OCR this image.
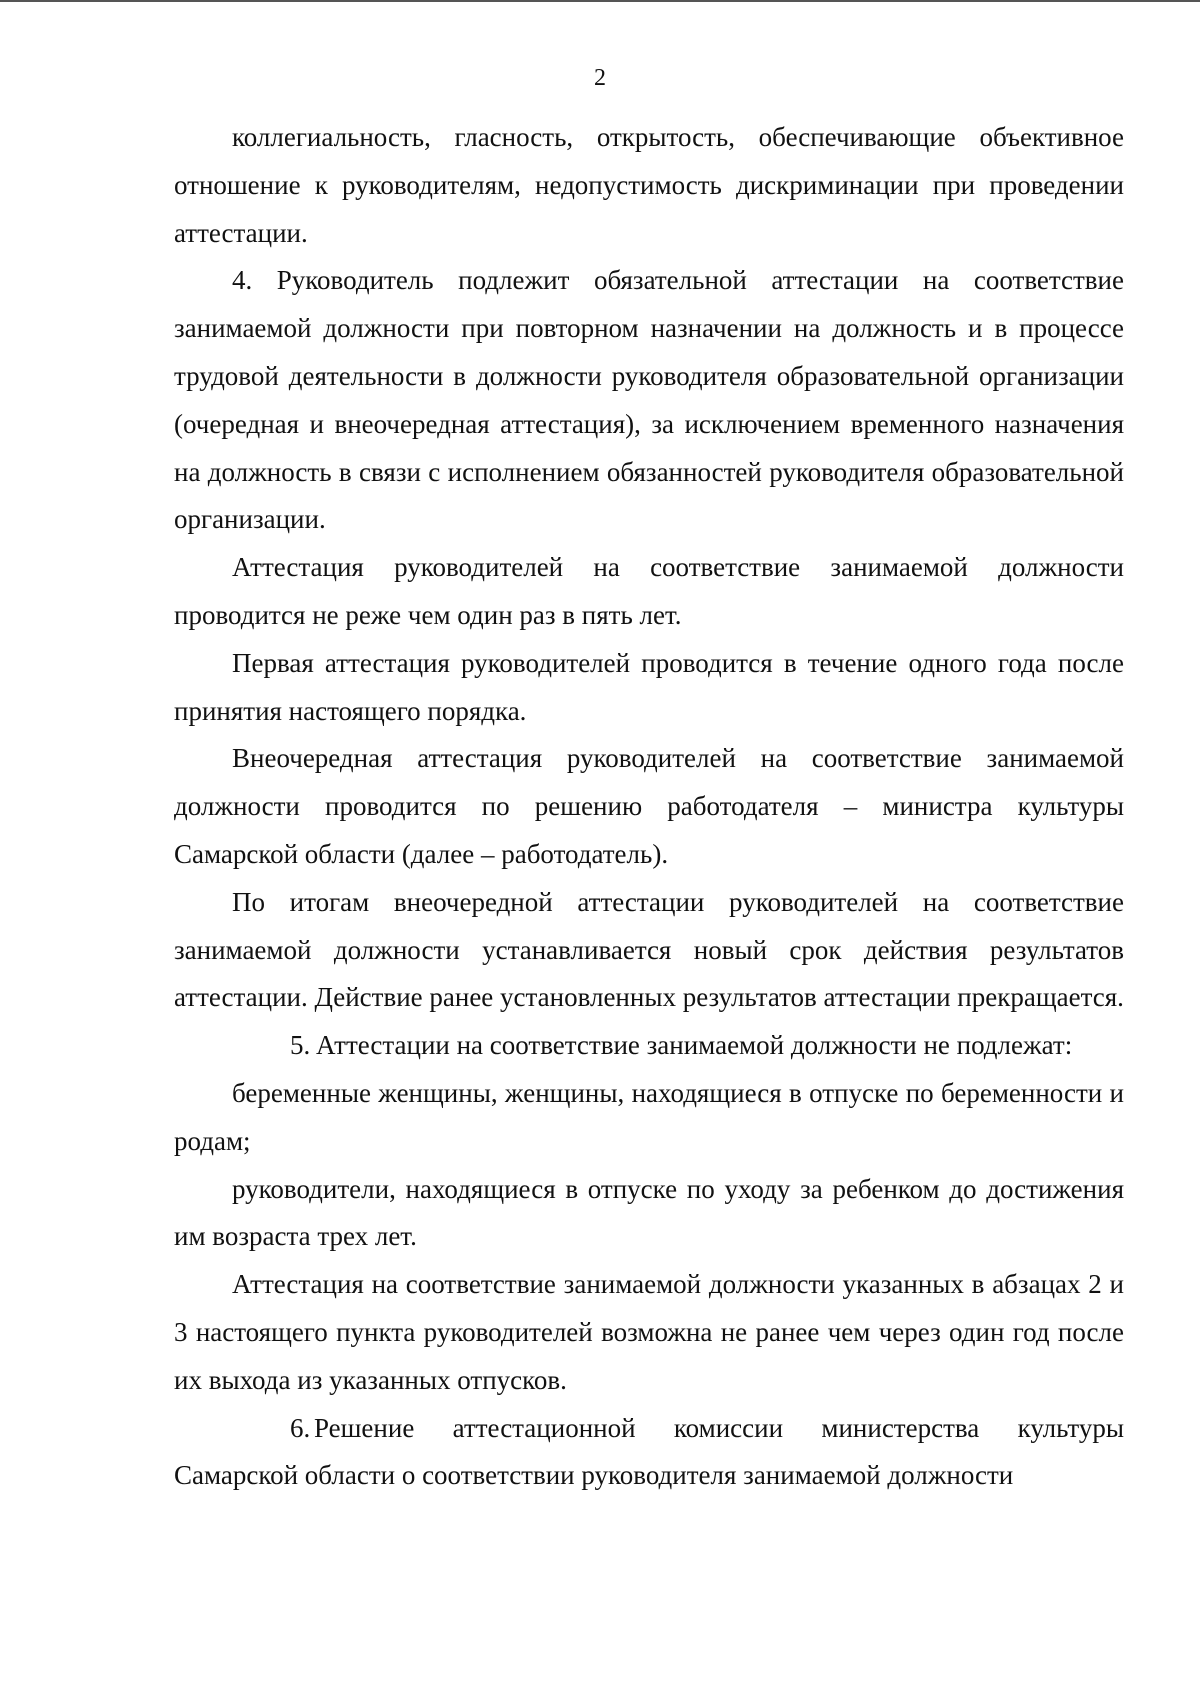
2

коллегиальность, гласность, открытость, обеспечивающие объективное отношение к руководителям, недопустимость дискриминации при проведении аттестации.

4. Руководитель подлежит обязательной аттестации на соответствие занимаемой должности при повторном назначении на должность и в процессе трудовой деятельности в должности руководителя образовательной организации (очередная и внеочередная аттестация), за исключением временного назначения на должность в связи с исполнением обязанностей руководителя образовательной организации.

Аттестация руководителей на соответствие занимаемой должности проводится не реже чем один раз в пять лет.

Первая аттестация руководителей проводится в течение одного года после принятия настоящего порядка.

Внеочередная аттестация руководителей на соответствие занимаемой должности проводится по решению работодателя – министра культуры Самарской области (далее – работодатель).

По итогам внеочередной аттестации руководителей на соответствие занимаемой должности устанавливается новый срок действия результатов аттестации. Действие ранее установленных результатов аттестации прекращается.

5. Аттестации на соответствие занимаемой должности не подлежат:

беременные женщины, женщины, находящиеся в отпуске по беременности и родам;

руководители, находящиеся в отпуске по уходу за ребенком до достижения им возраста трех лет.

Аттестация на соответствие занимаемой должности указанных в абзацах 2 и 3 настоящего пункта руководителей возможна не ранее чем через один год после их выхода из указанных отпусков.

6. Решение аттестационной комиссии министерства культуры Самарской области о соответствии руководителя занимаемой должности
